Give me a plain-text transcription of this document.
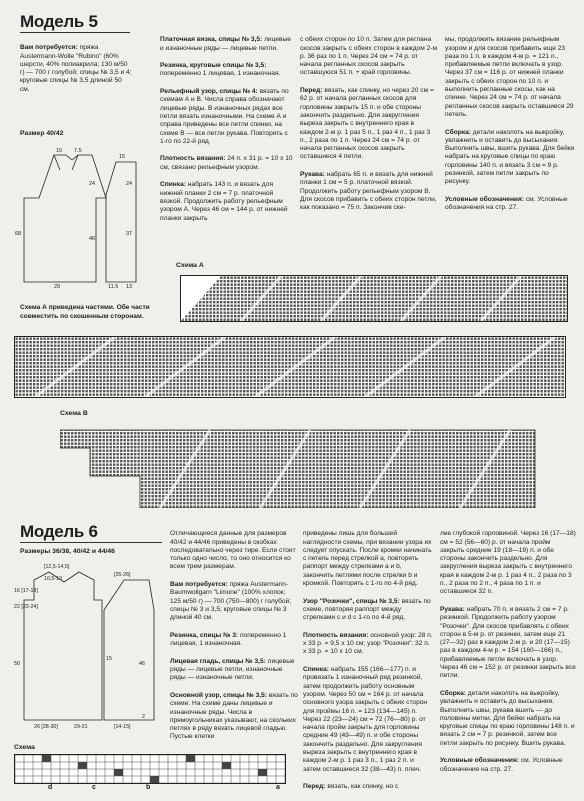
Модель 5

Вам потребуется: пряжа Austermann-Wolle "Rubino" (60% шерсти, 40% полиакрила; 130 м/50 г) — 700 г голубой; спицы № 3,5 и 4; круговые спицы № 3,5 длиной 50 см.

Размер 40/42
10 7.5
24
46
68
29
15
24
37
11.5 13

Схема А приведена частями. Обе части совместить по скошенным сторонам.

Платочная вязка, спицы № 3,5: лицевые и изнаночные ряды — лицевые петли.

Резинка, круговые спицы № 3,5: попеременно 1 лицевая, 1 изнаночная.

Рельефный узор, спицы № 4: вязать по схемам А и В. Числа справа обозначают лицевые ряды. В изнаночных рядах все петли вязать изнаночными. На схеме А и справа приведены все петли спинки, на схеме В — все петли рукава. Повторять с 1-го по 22-й ряд.

Плотность вязания: 24 п. х 31 р. = 10 х 10 см, связано рельефным узором.

Спинка: набрать 143 п. и вязать для нижней планки 2 см = 7 р. платочной вязкой. Продолжить работу рельефным узором А. Через 46 см = 144 р. от нижней планки закрыть

с обеих сторон по 10 п. Затем для реглана скосов закрыть с обеих сторон в каждом 2-м р. 36 раз по 1 п. Через 24 см = 74 р. от начала регланных скосов закрыть оставшуюся 51 п. + край горловины.

Перед: вязать, как спинку, но через 20 см = 62 р. от начала регланных скосов для горловины закрыть 15 п. и обе стороны закончить раздельно. Для закругления выреза закрыть с внутреннего края в каждом 2-м р. 1 раз 5 п., 1 раз 4 п., 1 раз 3 п., 2 раза по 1 п. Через 24 см = 74 р. от начала регланных скосов закрыть оставшиеся 4 петли.

Рукава: набрать 65 п. и вязать для нижней планки 1 см = 5 р. платочной вязкой. Продолжить работу рельефным узором В. Для скосов прибавить с обеих сторон петли, как показано = 75 п. Закончив ске-

мы, продолжить вязание рельефным узором и для скосов прибавить еще 23 раза по 1 п. в каждом 4-м р. = 121 п., прибавляемые петли включать в узор. Через 37 см = 116 р. от нижней планки закрыть с обеих сторон по 10 п. и выполнить регланные скосы, как на спинке. Через 24 см = 74 р. от начала регланных скосов закрыть оставшиеся 29 петель.

Сборка: детали наколоть на выкройку, увлажнить и оставить до высыхания. Выполнить швы, вшить рукава. Для бейки набрать на круговые спицы по краю горловины 140 п. и вязать 3 см = 9 р. резинкой, затем петли закрыть по рисунку.

Условные обозначения: см. Условные обозначения на стр. 27.

Схема А
Схема В
Модель 6
Размеры 36/38, 40/42 и 44/46
[12,5-14,5]
10,5-13
16 [17-18]
22 [23-24]
50
26 [28-30]	29-31
[25-26]
46
[14-15]
15
2

Отличающиеся данные для размеров 40/42 и 44/46 приведены в скобках последовательно через тире. Если стоит только одно число, то оно относится ко всем трем размерам.

Вам потребуется: пряжа Austermann-Baumwollgarn "Limone" (100% хлопок; 125 м/50 г) — 700 (750—800) г голубой; спицы № 3 и 3,5; круговые спицы № 3 длиной 40 см.

Резинка, спицы № 3: попеременно 1 лицевая, 1 изнаночная.

Лицевая гладь, спицы № 3,5: лицевые ряды — лицевые петли, изнаночные ряды — изнаночные петли.

Основной узор, спицы № 3,5: вязать по схеме. На схеме даны лицевые и изнаночные ряды. Числа в прямоугольниках указывают, на скольких петлях в ряду вязать лицевой гладью. Пустые клетки

приведены лишь для большей наглядности схемы, при вязании узора их следует опускать. После кромки начинать с петель перед стрелкой a, повторять раппорт между стрелками a и b, закончить петлями после стрелки b и кромкой. Повторять с 1-го по 4-й ряд.

Узор "Розочки", спицы № 3,5: вязать по схеме, повторяя раппорт между стрелками c и d с 1-го по 4-й ряд.

Плотность вязания: основной узор: 28 п. х 33 р. = 9,5 х 10 см; узор "Розочки": 32 п. х 33 р. = 10 х 10 см.

Спинка: набрать 155 (166—177) п. и провязать 1 изнаночный ряд резинкой, затем продолжить работу основным узором. Через 50 см = 164 р. от начала основного узора закрыть с обеих сторон для проймы 16 п. = 123 (134—145) п. Через 22 (23—24) см = 72 (76—80) р. от начала пройм закрыть для горловины средние 49 (49—49) п. и обе стороны закончить раздельно. Для закругления выреза закрыть с внутреннего края в каждом 2-м р. 1 раз 3 п., 1 раз 2 п. и затем оставшиеся 32 (38—43) п. плеч.

Перед: вязать, как спинку, но с

лее глубокой горловиной. Через 16 (17—18) см = 52 (56—60) р. от начала пройм закрыть средние 19 (18—19) п. и обе стороны закончить раздельно. Для закругления выреза закрыть с внутреннего края в каждом 2-м р. 1 раз 4 п., 2 раза по 3 п., 2 раза по 2 п., 4 раза по 1 п. и оставшиеся 32 п.

Рукава: набрать 70 п. и вязать 2 см = 7 р. резинкой. Продолжить работу узором "Розочки". Для скосов прибавлять с обеих сторон в 5-м р. от резинки, затем еще 21 (27—32) раз в каждом 2-м р. и 20 (17—15) раз в каждом 4-м р. = 154 (160—166) п., прибавляемые петли включать в узор. Через 46 см = 152 р. от резинки закрыть все петли.

Сборка: детали наколоть на выкройку, увлажнить и оставить до высыхания. Выполнить швы, рукава вшить — до половины метки. Для бейки набрать на круговые спицы по краю горловины 148 п. и вязать 2 см = 7 р. резинкой, затем все петли закрыть по рисунку. Вшить рукава.

Условные обозначения: см. Условные обозначения на стр. 27.

Схема
d	c	b	a
